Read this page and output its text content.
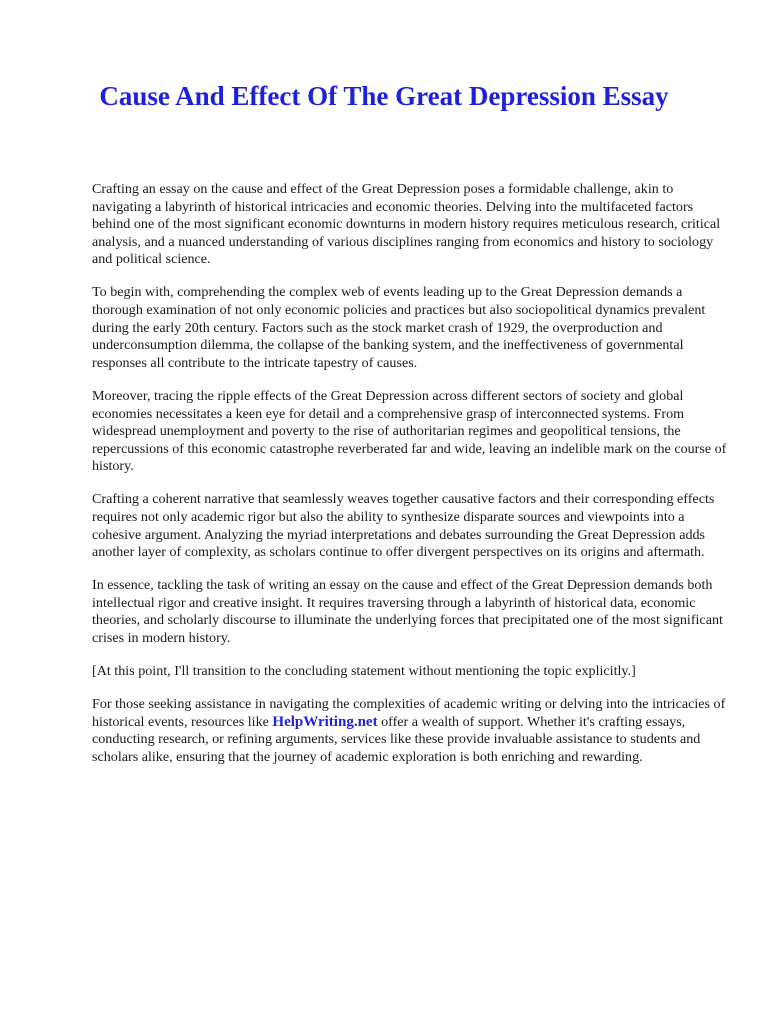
Cause And Effect Of The Great Depression Essay

Crafting an essay on the cause and effect of the Great Depression poses a formidable challenge, akin to navigating a labyrinth of historical intricacies and economic theories. Delving into the multifaceted factors behind one of the most significant economic downturns in modern history requires meticulous research, critical analysis, and a nuanced understanding of various disciplines ranging from economics and history to sociology and political science.

To begin with, comprehending the complex web of events leading up to the Great Depression demands a thorough examination of not only economic policies and practices but also sociopolitical dynamics prevalent during the early 20th century. Factors such as the stock market crash of 1929, the overproduction and underconsumption dilemma, the collapse of the banking system, and the ineffectiveness of governmental responses all contribute to the intricate tapestry of causes.

Moreover, tracing the ripple effects of the Great Depression across different sectors of society and global economies necessitates a keen eye for detail and a comprehensive grasp of interconnected systems. From widespread unemployment and poverty to the rise of authoritarian regimes and geopolitical tensions, the repercussions of this economic catastrophe reverberated far and wide, leaving an indelible mark on the course of history.

Crafting a coherent narrative that seamlessly weaves together causative factors and their corresponding effects requires not only academic rigor but also the ability to synthesize disparate sources and viewpoints into a cohesive argument. Analyzing the myriad interpretations and debates surrounding the Great Depression adds another layer of complexity, as scholars continue to offer divergent perspectives on its origins and aftermath.

In essence, tackling the task of writing an essay on the cause and effect of the Great Depression demands both intellectual rigor and creative insight. It requires traversing through a labyrinth of historical data, economic theories, and scholarly discourse to illuminate the underlying forces that precipitated one of the most significant crises in modern history.

[At this point, I'll transition to the concluding statement without mentioning the topic explicitly.]

For those seeking assistance in navigating the complexities of academic writing or delving into the intricacies of historical events, resources like HelpWriting.net offer a wealth of support. Whether it's crafting essays, conducting research, or refining arguments, services like these provide invaluable assistance to students and scholars alike, ensuring that the journey of academic exploration is both enriching and rewarding.
